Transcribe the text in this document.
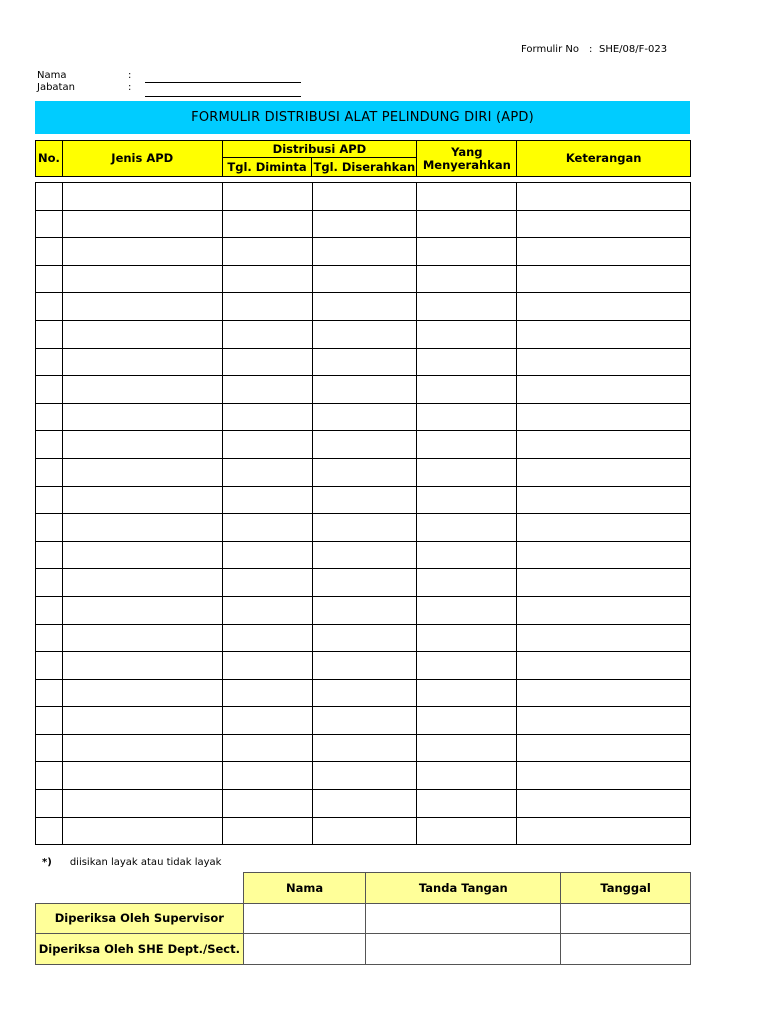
Formulir No : SHE/08/F-023
Nama	:
Jabatan	:
FORMULIR DISTRIBUSI ALAT PELINDUNG DIRI (APD)
No.	Jenis APD	Distribusi APD		Yang Menyerahkan	Keterangan
		Tgl. Diminta	Tgl. Diserahkan		

*) diisikan layak atau tidak layak
	Nama	Tanda Tangan	Tanggal
Diperiksa Oleh Supervisor			
Diperiksa Oleh SHE Dept./Sect.			
